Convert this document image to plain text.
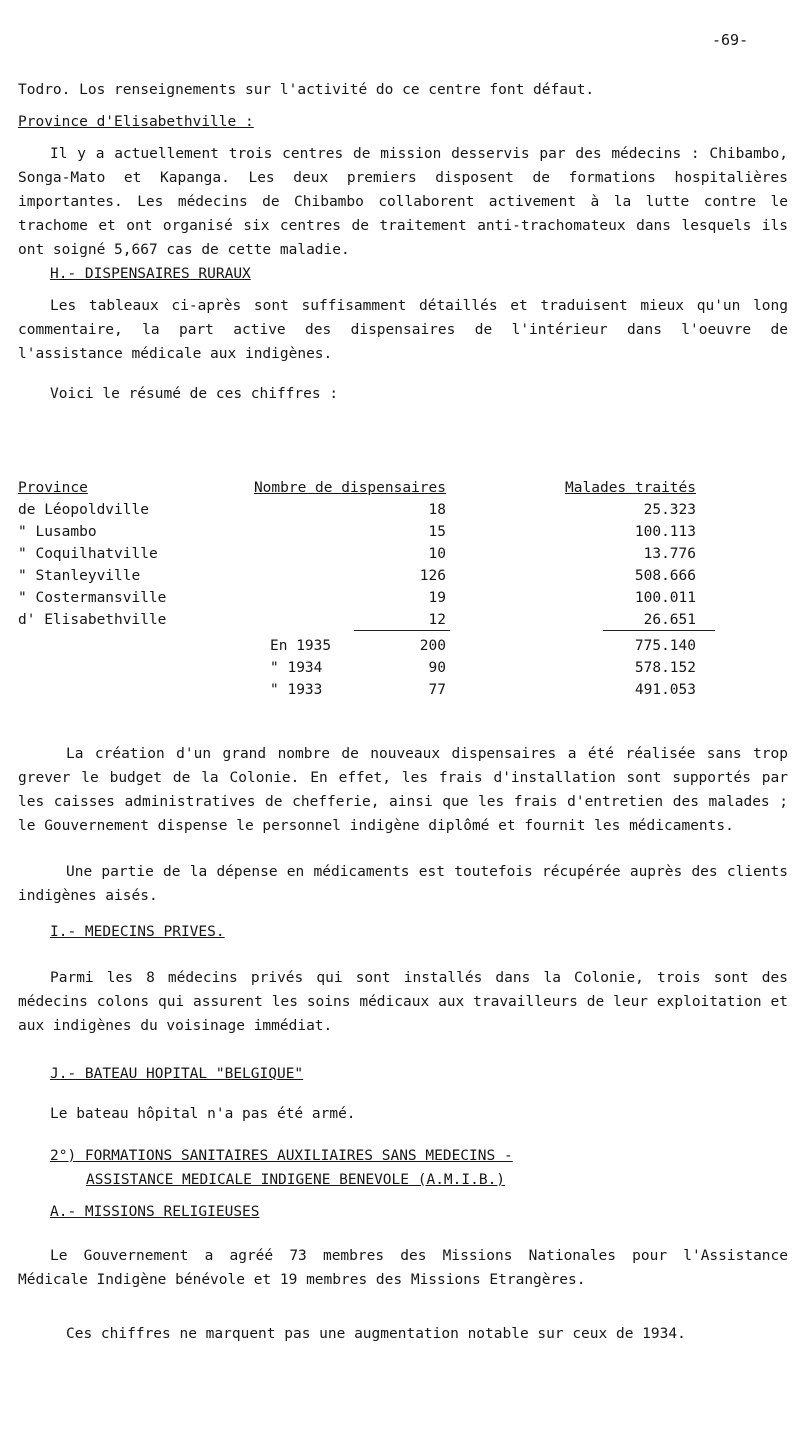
-69-

Todro. Los renseignements sur l'activité do ce centre font défaut.

Province d'Elisabethville :

Il y a actuellement trois centres de mission desservis par des médecins : Chibambo, Songa-Mato et Kapanga. Les deux premiers disposent de formations hospitalières importantes. Les médecins de Chibambo collaborent activement à la lutte contre le trachome et ont organisé six centres de traitement anti-trachomateux dans lesquels ils ont soigné 5,667 cas de cette maladie.

H.- DISPENSAIRES RURAUX

Les tableaux ci-après sont suffisamment détaillés et traduisent mieux qu'un long commentaire, la part active des dispensaires de l'intérieur dans l'oeuvre de l'assistance médicale aux indigènes.

Voici le résumé de ces chiffres :
Province	Nombre de dispensaires	Malades traités
de Léopoldville	18	25.323
" Lusambo	15	100.113
" Coquilhatville	10	13.776
" Stanleyville	126	508.666
" Costermansville	19	100.011
d' Elisabethville	12	26.651
En 1935	200	775.140
" 1934	90	578.152
" 1933	77	491.053

La création d'un grand nombre de nouveaux dispensaires a été réalisée sans trop grever le budget de la Colonie. En effet, les frais d'installation sont supportés par les caisses administratives de chefferie, ainsi que les frais d'entretien des malades ; le Gouvernement dispense le personnel indigène diplômé et fournit les médicaments.

Une partie de la dépense en médicaments est toutefois récupérée auprès des clients indigènes aisés.

I.- MEDECINS PRIVES.

Parmi les 8 médecins privés qui sont installés dans la Colonie, trois sont des médecins colons qui assurent les soins médicaux aux travailleurs de leur exploitation et aux indigènes du voisinage immédiat.

J.- BATEAU HOPITAL "BELGIQUE"
Le bateau hôpital n'a pas été armé.
2°) FORMATIONS SANITAIRES AUXILIAIRES SANS MEDECINS -
ASSISTANCE MEDICALE INDIGENE BENEVOLE (A.M.I.B.)
A.- MISSIONS RELIGIEUSES

Le Gouvernement a agréé 73 membres des Missions Nationales pour l'Assistance Médicale Indigène bénévole et 19 membres des Missions Etrangères.

Ces chiffres ne marquent pas une augmentation notable sur ceux de 1934.
